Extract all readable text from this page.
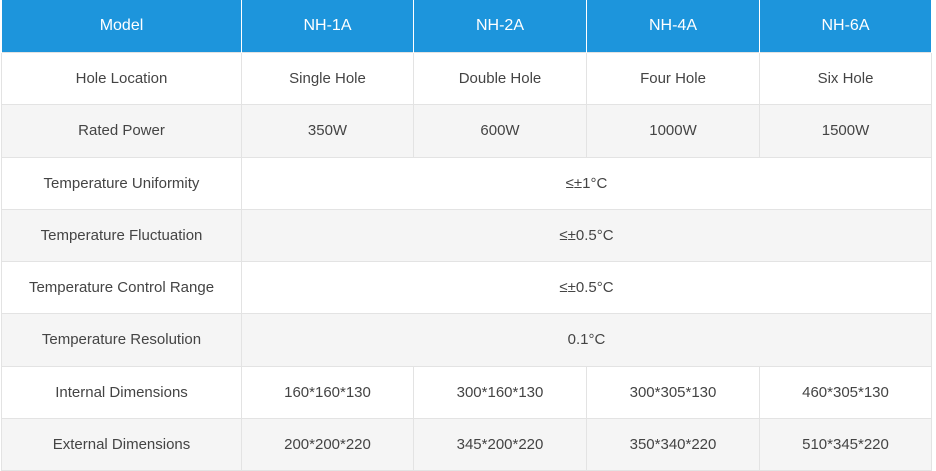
Model	NH-1A	NH-2A	NH-4A	NH-6A
Hole Location	Single Hole	Double Hole	Four Hole	Six Hole
Rated Power	350W	600W	1000W	1500W
Temperature Uniformity	≤±1°C			
Temperature Fluctuation	≤±0.5°C			
Temperature Control Range	≤±0.5°C			
Temperature Resolution	0.1°C			
Internal Dimensions	160*160*130	300*160*130	300*305*130	460*305*130
External Dimensions	200*200*220	345*200*220	350*340*220	510*345*220
